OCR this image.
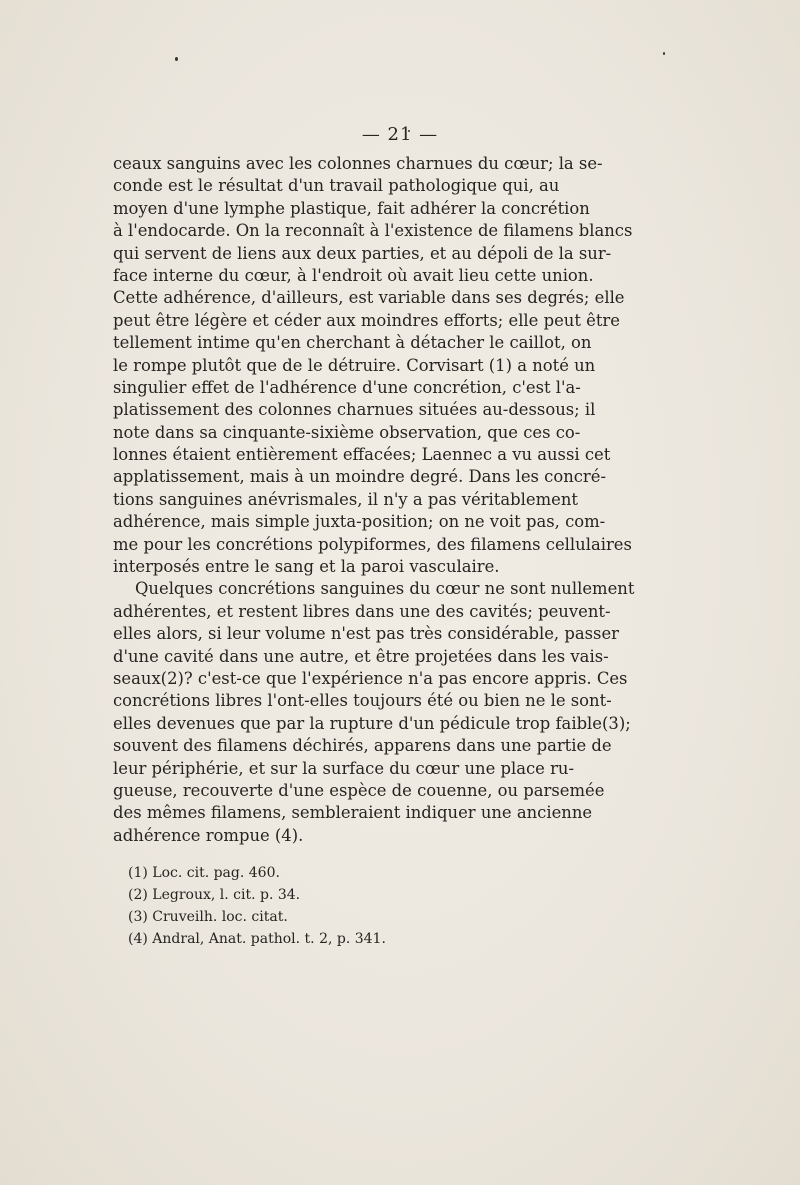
— 21 —
ceaux sanguins avec les colonnes charnues du cœur; la se-
conde est le résultat d'un travail pathologique qui, au
moyen d'une lymphe plastique, fait adhérer la concrétion
à l'endocarde. On la reconnaît à l'existence de filamens blancs
qui servent de liens aux deux parties, et au dépoli de la sur-
face interne du cœur, à l'endroit où avait lieu cette union.
Cette adhérence, d'ailleurs, est variable dans ses degrés; elle
peut être légère et céder aux moindres efforts; elle peut être
tellement intime qu'en cherchant à détacher le caillot, on
le rompe plutôt que de le détruire. Corvisart (1) a noté un
singulier effet de l'adhérence d'une concrétion, c'est l'a-
platissement des colonnes charnues situées au-dessous; il
note dans sa cinquante-sixième observation, que ces co-
lonnes étaient entièrement effacées; Laennec a vu aussi cet
applatissement, mais à un moindre degré. Dans les concré-
tions sanguines anévrismales, il n'y a pas véritablement
adhérence, mais simple juxta-position; on ne voit pas, com-
me pour les concrétions polypiformes, des filamens cellulaires
interposés entre le sang et la paroi vasculaire.
Quelques concrétions sanguines du cœur ne sont nullement
adhérentes, et restent libres dans une des cavités; peuvent-
elles alors, si leur volume n'est pas très considérable, passer
d'une cavité dans une autre, et être projetées dans les vais-
seaux(2)? c'est-ce que l'expérience n'a pas encore appris. Ces
concrétions libres l'ont-elles toujours été ou bien ne le sont-
elles devenues que par la rupture d'un pédicule trop faible(3);
souvent des filamens déchirés, apparens dans une partie de
leur périphérie, et sur la surface du cœur une place ru-
gueuse, recouverte d'une espèce de couenne, ou parsemée
des mêmes filamens, sembleraient indiquer une ancienne
adhérence rompue (4).
(1) Loc. cit. pag. 460.
(2) Legroux, l. cit. p. 34.
(3) Cruveilh. loc. citat.
(4) Andral, Anat. pathol. t. 2, p. 341.
